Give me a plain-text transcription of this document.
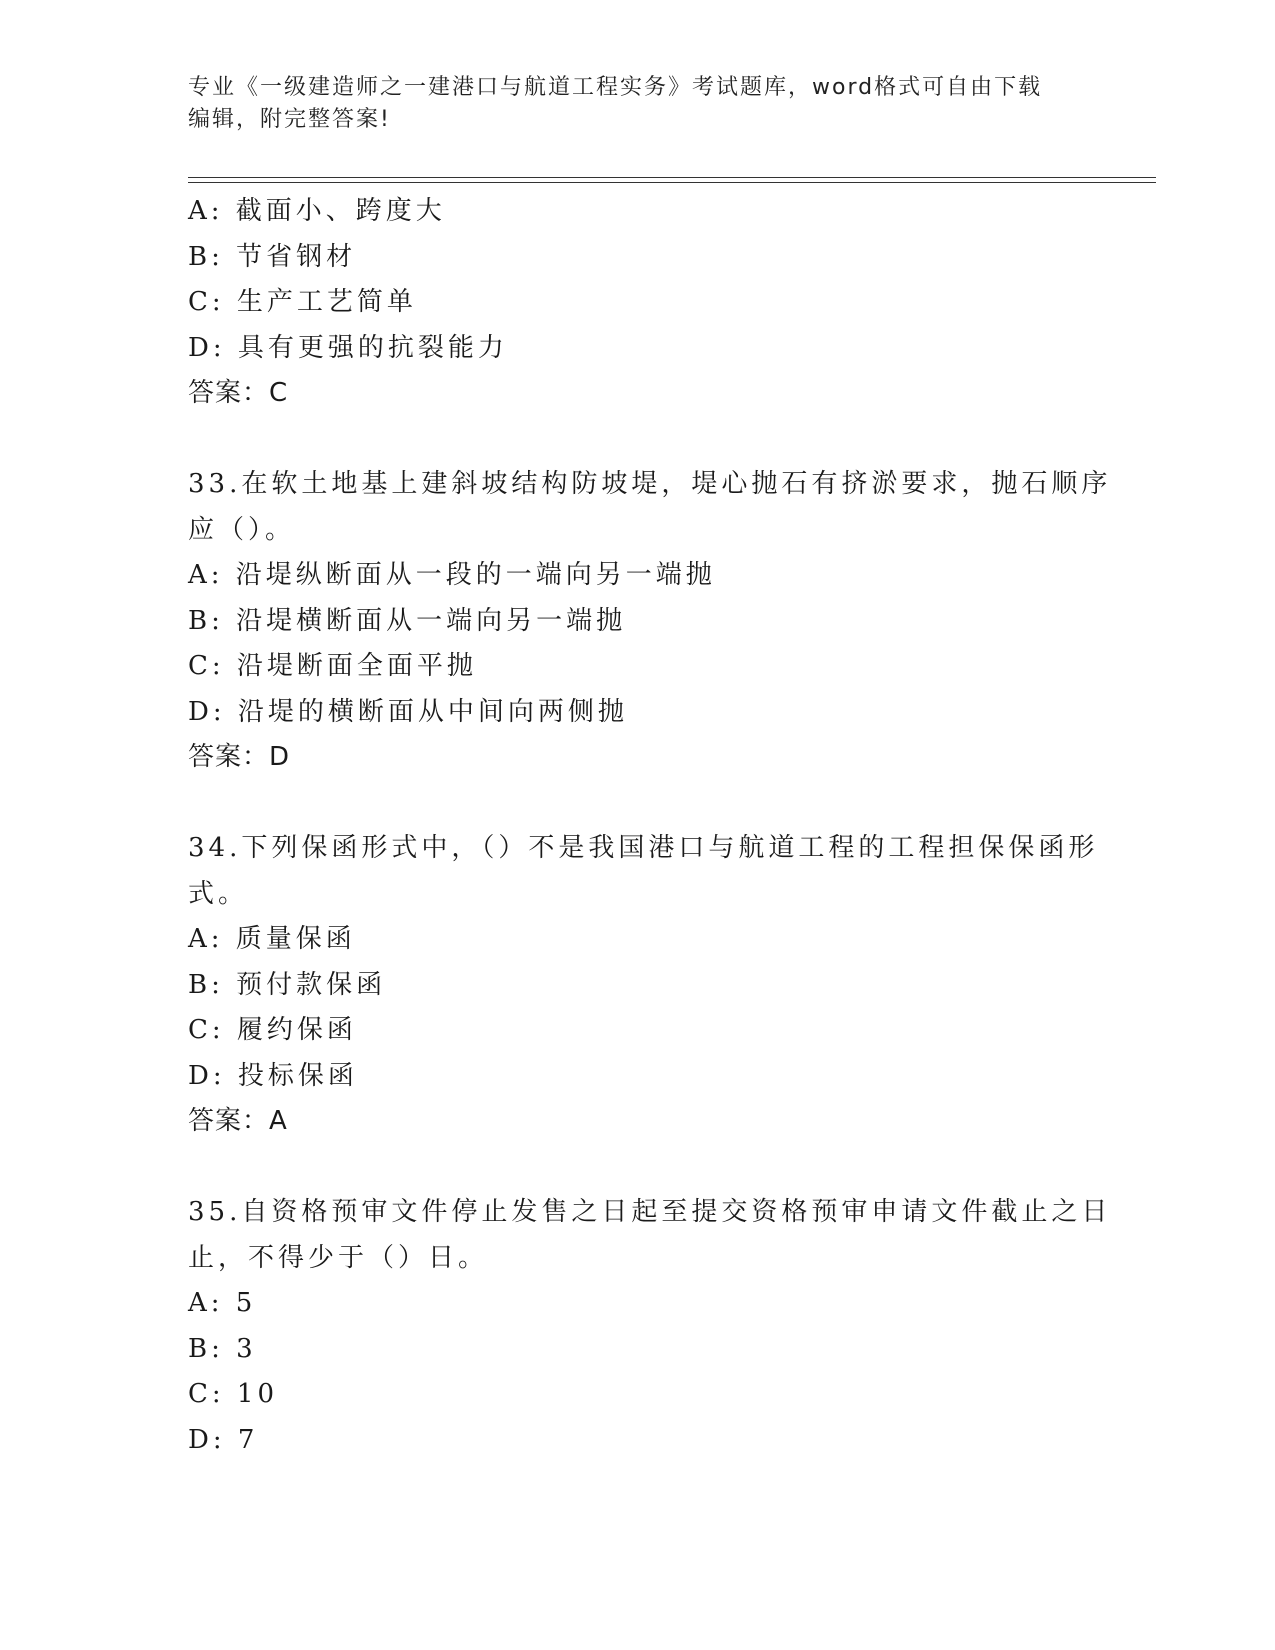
专业《一级建造师之一建港口与航道工程实务》考试题库，word格式可自由下载
编辑，附完整答案!
A: 截面小、跨度大
B: 节省钢材
C: 生产工艺简单
D: 具有更强的抗裂能力
答案：C
33.在软土地基上建斜坡结构防坡堤，堤心抛石有挤淤要求，抛石顺序
应（）。
A: 沿堤纵断面从一段的一端向另一端抛
B: 沿堤横断面从一端向另一端抛
C: 沿堤断面全面平抛
D: 沿堤的横断面从中间向两侧抛
答案：D
34.下列保函形式中，（）不是我国港口与航道工程的工程担保保函形
式。
A: 质量保函
B: 预付款保函
C: 履约保函
D: 投标保函
答案：A
35.自资格预审文件停止发售之日起至提交资格预审申请文件截止之日
止，不得少于（）日。
A: 5
B: 3
C: 10
D: 7
